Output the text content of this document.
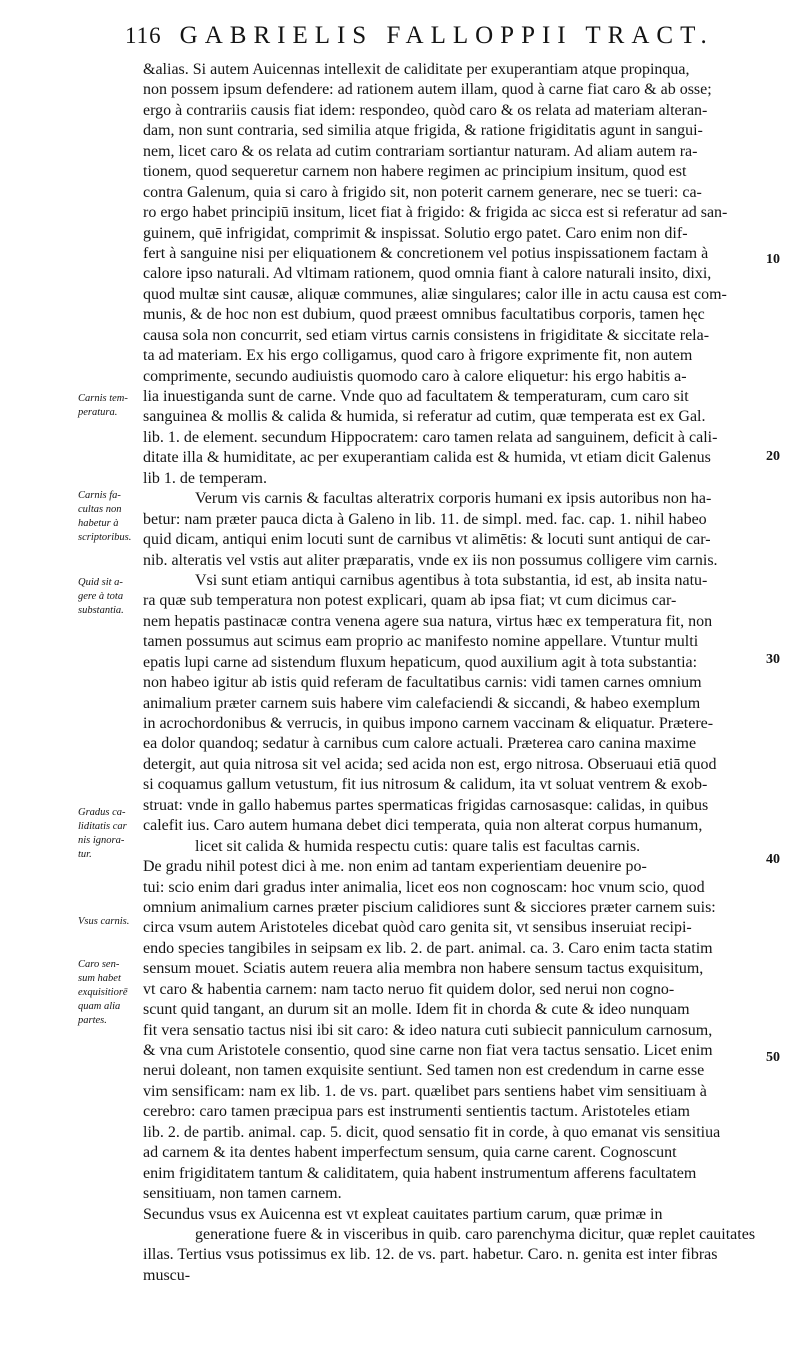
116 GABRIELIS FALLOPPII TRACT.
&alias. Si autem Auicennas intellexit de caliditate per exuperantiam atque propinqua,
non possem ipsum defendere: ad rationem autem illam, quod à carne fiat caro & ab osse;
ergo à contrariis causis fiat idem: respondeo, quòd caro & os relata ad materiam alteran-
dam, non sunt contraria, sed similia atque frigida, & ratione frigiditatis agunt in sangui-
nem, licet caro & os relata ad cutim contrariam sortiantur naturam. Ad aliam autem ra-
tionem, quod sequeretur carnem non habere regimen ac principium insitum, quod est
contra Galenum, quia si caro à frigido sit, non poterit carnem generare, nec se tueri: ca-
ro ergo habet principiū insitum, licet fiat à frigido: & frigida ac sicca est si referatur ad san-
guinem, quē infrigidat, comprimit & inspissat. Solutio ergo patet. Caro enim non dif-
fert à sanguine nisi per eliquationem & concretionem vel potius inspissationem factam à
calore ipso naturali. Ad vltimam rationem, quod omnia fiant à calore naturali insito, dixi,
quod multæ sint causæ, aliquæ communes, aliæ singulares; calor ille in actu causa est com-
munis, & de hoc non est dubium, quod præest omnibus facultatibus corporis, tamen hęc
causa sola non concurrit, sed etiam virtus carnis consistens in frigiditate & siccitate rela-
ta ad materiam. Ex his ergo colligamus, quod caro à frigore exprimente fit, non autem
comprimente, secundo audiuistis quomodo caro à calore eliquetur: his ergo habitis a-
lia inuestiganda sunt de carne. Vnde quo ad facultatem & temperaturam, cum caro sit
sanguinea & mollis & calida & humida, si referatur ad cutim, quæ temperata est ex Gal.
lib. 1. de element. secundum Hippocratem: caro tamen relata ad sanguinem, deficit à cali-
ditate illa & humiditate, ac per exuperantiam calida est & humida, vt etiam dicit Galenus
lib 1. de temperam.
Verum vis carnis & facultas alteratrix corporis humani ex ipsis autoribus non ha-
betur: nam præter pauca dicta à Galeno in lib. 11. de simpl. med. fac. cap. 1. nihil habeo
quid dicam, antiqui enim locuti sunt de carnibus vt alimētis: & locuti sunt antiqui de car-
nib. alteratis vel vstis aut aliter præparatis, vnde ex iis non possumus colligere vim carnis.
Vsi sunt etiam antiqui carnibus agentibus à tota substantia, id est, ab insita natu-
ra quæ sub temperatura non potest explicari, quam ab ipsa fiat; vt cum dicimus car-
nem hepatis pastinacæ contra venena agere sua natura, virtus hæc ex temperatura fit, non
tamen possumus aut scimus eam proprio ac manifesto nomine appellare. Vtuntur multi
epatis lupi carne ad sistendum fluxum hepaticum, quod auxilium agit à tota substantia:
non habeo igitur ab istis quid referam de facultatibus carnis: vidi tamen carnes omnium
animalium præter carnem suis habere vim calefaciendi & siccandi, & habeo exemplum
in acrochordonibus & verrucis, in quibus impono carnem vaccinam & eliquatur. Prætere-
ea dolor quandoq; sedatur à carnibus cum calore actuali. Præterea caro canina maxime
detergit, aut quia nitrosa sit vel acida; sed acida non est, ergo nitrosa. Obseruaui etiā quod
si coquamus gallum vetustum, fit ius nitrosum & calidum, ita vt soluat ventrem & exob-
struat: vnde in gallo habemus partes spermaticas frigidas carnosasque: calidas, in quibus
calefit ius. Caro autem humana debet dici temperata, quia non alterat corpus humanum,
licet sit calida & humida respectu cutis: quare talis est facultas carnis.
De gradu nihil potest dici à me. non enim ad tantam experientiam deuenire po-
tui: scio enim dari gradus inter animalia, licet eos non cognoscam: hoc vnum scio, quod
omnium animalium carnes præter piscium calidiores sunt & sicciores præter carnem suis:
circa vsum autem Aristoteles dicebat quòd caro genita sit, vt sensibus inseruiat recipi-
endo species tangibiles in seipsam ex lib. 2. de part. animal. ca. 3. Caro enim tacta statim
sensum mouet. Sciatis autem reuera alia membra non habere sensum tactus exquisitum,
vt caro & habentia carnem: nam tacto neruo fit quidem dolor, sed nerui non cogno-
scunt quid tangant, an durum sit an molle. Idem fit in chorda & cute & ideo nunquam
fit vera sensatio tactus nisi ibi sit caro: & ideo natura cuti subiecit panniculum carnosum,
& vna cum Aristotele consentio, quod sine carne non fiat vera tactus sensatio. Licet enim
nerui doleant, non tamen exquisite sentiunt. Sed tamen non est credendum in carne esse
vim sensificam: nam ex lib. 1. de vs. part. quælibet pars sentiens habet vim sensitiuam à
cerebro: caro tamen præcipua pars est instrumenti sentientis tactum. Aristoteles etiam
lib. 2. de partib. animal. cap. 5. dicit, quod sensatio fit in corde, à quo emanat vis sensitiua
ad carnem & ita dentes habent imperfectum sensum, quia carne carent. Cognoscunt
enim frigiditatem tantum & caliditatem, quia habent instrumentum afferens facultatem
sensitiuam, non tamen carnem.
Secundus vsus ex Auicenna est vt expleat cauitates partium carum, quæ primæ in
generatione fuere & in visceribus in quib. caro parenchyma dicitur, quæ replet cauitates
illas. Tertius vsus potissimus ex lib. 12. de vs. part. habetur. Caro. n. genita est inter fibras
muscu-
Carnis tem-
peratura.
Carnis fa-
cultas non
habetur à
scriptoribus.
Quid sit a-
gere à tota
substantia.
Gradus ca-
liditatis car
nis ignora-
tur.
Vsus carnis.
Caro sen-
sum habet
exquisitiorē
quam alia
partes.
10
20
30
40
50
